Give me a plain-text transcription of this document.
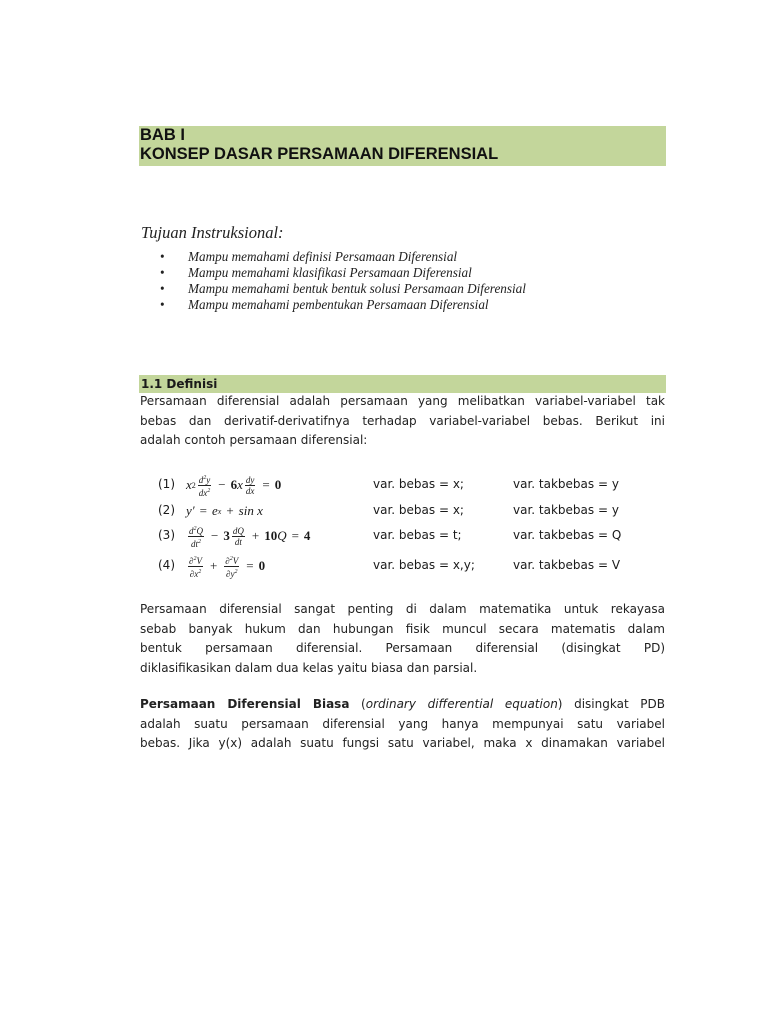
BAB I
KONSEP DASAR PERSAMAAN DIFERENSIAL
Tujuan Instruksional:
• Mampu memahami definisi Persamaan Diferensial
• Mampu memahami klasifikasi Persamaan Diferensial
• Mampu memahami bentuk bentuk solusi Persamaan Diferensial
• Mampu memahami pembentukan Persamaan Diferensial
1.1 Definisi
Persamaan diferensial adalah persamaan yang melibatkan variabel-variabel tak
bebas dan derivatif-derivatifnya terhadap variabel-variabel bebas. Berikut ini
adalah contoh persamaan diferensial:
(1) x $2 \frac{d^2y}{dx^2} - 6$ x $\frac{dy}{dx} = 0$	var. bebas = x;	var. takbebas = y
(2) y′ = e x + sin x	var. bebas = x;	var. takbebas = y
$(3) \frac{d^2Q}{dt^2} - 3 \frac{dQ}{dt} + 10$ Q = 4	var. bebas = t;	var. takbebas = Q
$(4) \frac{\partial^2V}{\partial x^2} + \frac{\partial^2V}{\partial y^2} = 0$	var. bebas = x,y;	var. takbebas = V
Persamaan diferensial sangat penting di dalam matematika untuk rekayasa
sebab banyak hukum dan hubungan fisik muncul secara matematis dalam
bentuk persamaan diferensial. Persamaan diferensial (disingkat PD)
diklasifikasikan dalam dua kelas yaitu biasa dan parsial.
Persamaan Diferensial Biasa (ordinary differential equation) disingkat PDB
adalah suatu persamaan diferensial yang hanya mempunyai satu variabel
bebas. Jika y(x) adalah suatu fungsi satu variabel, maka x dinamakan variabel
